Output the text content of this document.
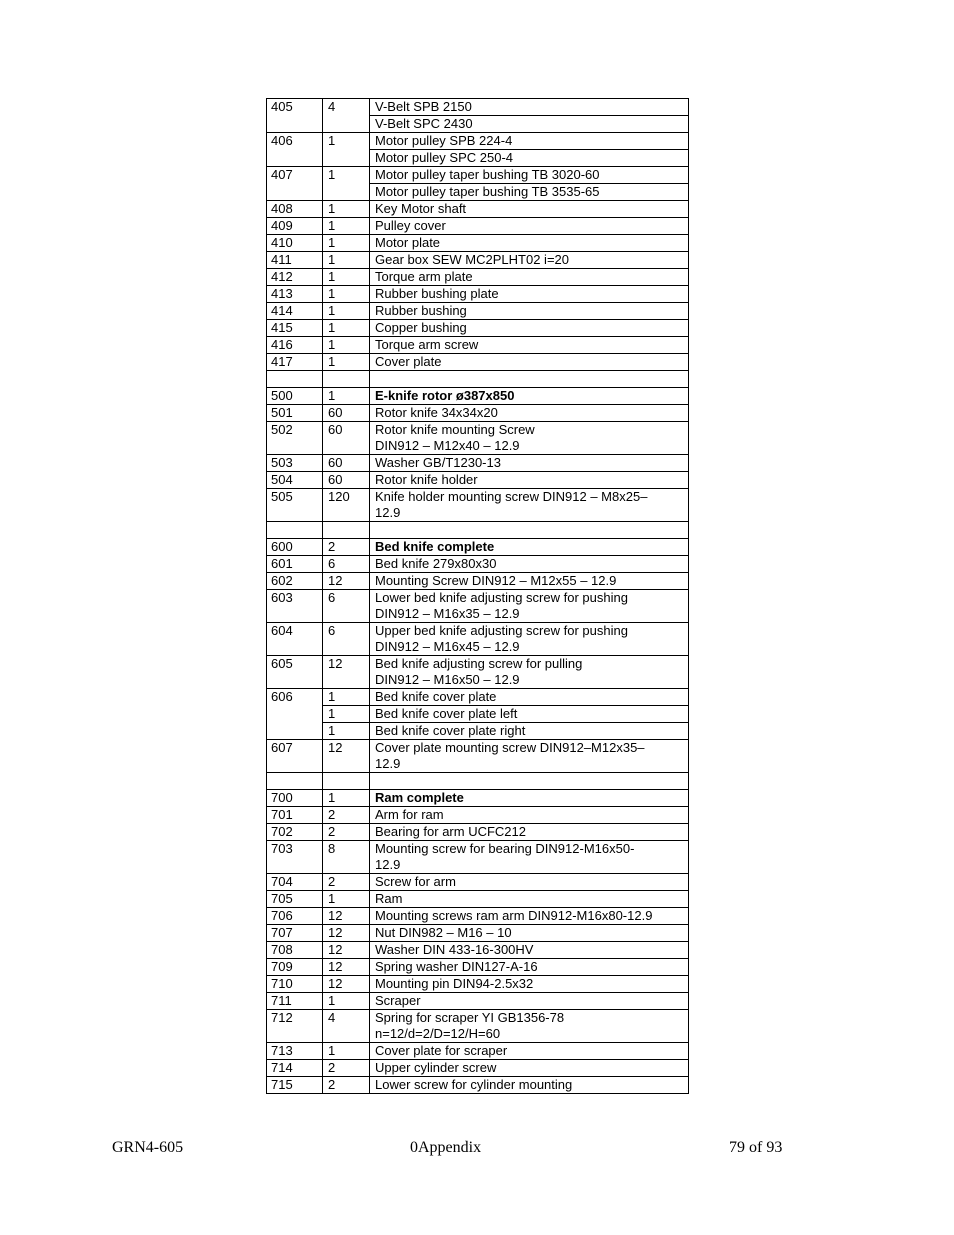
405	4	V-Belt SPB 2150
		V-Belt SPC 2430
406	1	Motor pulley SPB 224-4
		Motor pulley SPC 250-4
407	1	Motor pulley taper bushing TB 3020-60
		Motor pulley taper bushing TB 3535-65
408	1	Key Motor shaft
409	1	Pulley cover
410	1	Motor plate
411	1	Gear box SEW MC2PLHT02 i=20
412	1	Torque arm plate
413	1	Rubber bushing plate
414	1	Rubber bushing
415	1	Copper bushing
416	1	Torque arm screw
417	1	Cover plate

500	1	E-knife rotor ø387x850
501	60	Rotor knife 34x34x20
502	60	Rotor knife mounting Screw
DIN912 – M12x40 – 12.9
503	60	Washer GB/T1230-13
504	60	Rotor knife holder
505	120	Knife holder mounting screw DIN912 – M8x25–
12.9

600	2	Bed knife complete
601	6	Bed knife 279x80x30
602	12	Mounting Screw DIN912 – M12x55 – 12.9
603	6	Lower bed knife adjusting screw for pushing
DIN912 – M16x35 – 12.9
604	6	Upper bed knife adjusting screw for pushing
DIN912 – M16x45 – 12.9
605	12	Bed knife adjusting screw for pulling
DIN912 – M16x50 – 12.9
606	1	Bed knife cover plate
	1	Bed knife cover plate left
	1	Bed knife cover plate right
607	12	Cover plate mounting screw DIN912–M12x35–
12.9

700	1	Ram complete
701	2	Arm for ram
702	2	Bearing for arm UCFC212
703	8	Mounting screw for bearing DIN912-M16x50-
12.9
704	2	Screw for arm
705	1	Ram
706	12	Mounting screws ram arm DIN912-M16x80-12.9
707	12	Nut DIN982 – M16 – 10
708	12	Washer DIN 433-16-300HV
709	12	Spring washer DIN127-A-16
710	12	Mounting pin DIN94-2.5x32
711	1	Scraper
712	4	Spring for scraper YI GB1356-78
n=12/d=2/D=12/H=60
713	1	Cover plate for scraper
714	2	Upper cylinder screw
715	2	Lower screw for cylinder mounting
GRN4-605	0Appendix	79 of 93
